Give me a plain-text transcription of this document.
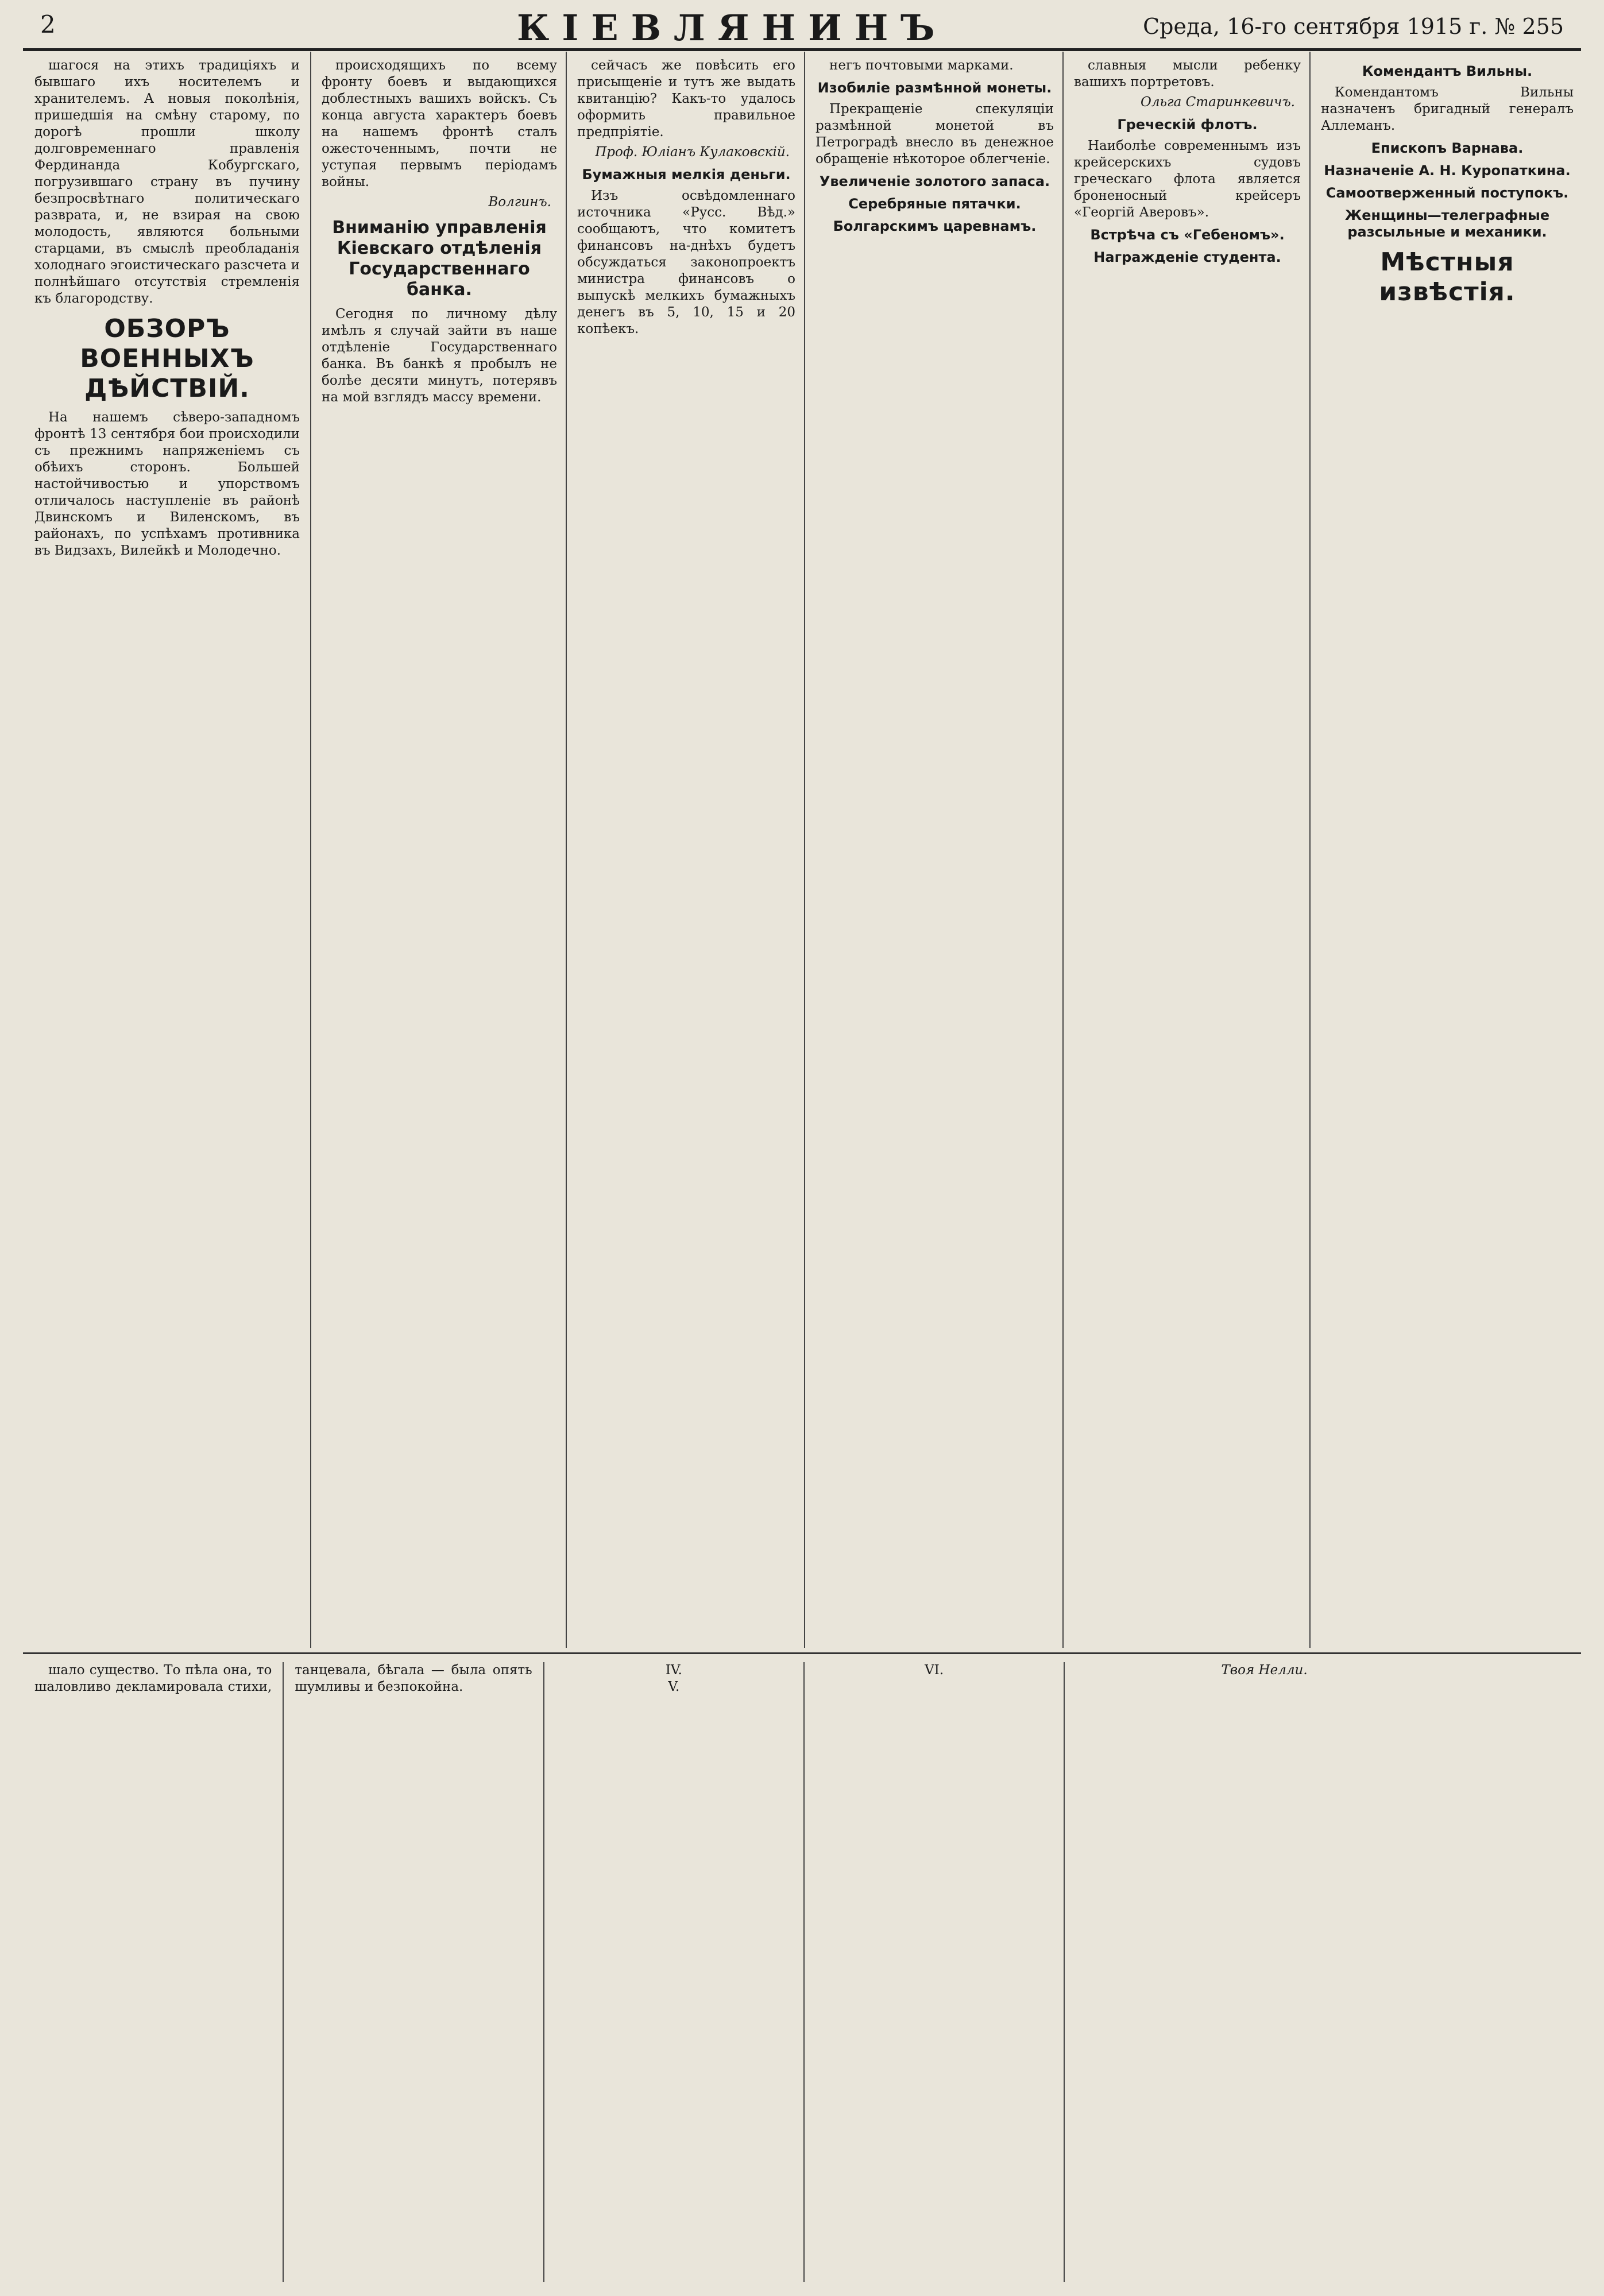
2	КІЕВЛЯНИНЪ	Среда, 16-го сентября 1915 г. № 255

шагося на этихъ традиціяхъ и бывшаго ихъ носителемъ и хранителемъ. А новыя поколѣнія, пришедшія на смѣну старому, по дорогѣ прошли школу долговременнаго правленія Фердинанда Кобургскаго, погрузившаго страну въ пучину безпросвѣтнаго политическаго разврата, и, не взирая на свою молодость, являются больными старцами, въ смыслѣ преобладанія холоднаго эгоистическаго разсчета и полнѣйшаго отсутствія стремленія къ благородству.

ОБЗОРЪ ВОЕННЫХЪ ДѢЙСТВІЙ.

На нашемъ сѣверо-западномъ фронтѣ 13 сентября бои происходили съ прежнимъ напряженіемъ съ обѣихъ сторонъ. Большей настойчивостью и упорствомъ отличалось наступленіе въ районѣ Двинскомъ и Виленскомъ, въ районахъ, по успѣхамъ противника въ Видзахъ, Вилейкѣ и Молодечно.

происходящихъ по всему фронту боевъ и выдающихся доблестныхъ вашихъ войскъ. Съ конца августа характеръ боевъ на нашемъ фронтѣ сталъ ожесточеннымъ, почти не уступая первымъ періодамъ войны.

Волгинъ.
Вниманію управленія Кіевскаго отдѣленія Государственнаго банка.

Сегодня по личному дѣлу имѣлъ я случай зайти въ наше отдѣленіе Государственнаго банка. Въ банкѣ я пробылъ не болѣе десяти минутъ, потерявъ на мой взглядъ массу времени.

сейчасъ же повѣсить его присыщеніе и тутъ же выдать квитанцію? Какъ-то удалось оформить правильное предпріятіе.

Проф. Юліанъ Кулаковскій.
Бумажныя мелкія деньги.

Изъ освѣдомленнаго источника «Русс. Вѣд.» сообщаютъ, что комитетъ финансовъ на-днѣхъ будетъ обсуждаться законопроектъ министра финансовъ о выпускѣ мелкихъ бумажныхъ денегъ въ 5, 10, 15 и 20 копѣекъ.

негъ почтовыми марками.

Изобиліе размѣнной монеты.

Прекращеніе спекуляціи размѣнной монетой въ Петроградѣ внесло въ денежное обращеніе нѣкоторое облегченіе.

Увеличеніе золотого запаса.
Серебряные пятачки.
Болгарскимъ царевнамъ.

славныя мысли ребенку вашихъ портретовъ.

Ольга Старинкевичъ.
Греческій флотъ.

Наиболѣе современнымъ изъ крейсерскихъ судовъ греческаго флота является броненосный крейсеръ «Георгій Аверовъ».

Встрѣча съ «Гебеномъ».
Награжденіе студента.
Комендантъ Вильны.

Комендантомъ Вильны назначенъ бригадный генералъ Аллеманъ.

Епископъ Варнава.
Назначеніе А. Н. Куропаткина.
Самоотверженный поступокъ.
Женщины—телеграфные разсыльные и механики.
Мѣстныя извѣстія.

шало существо. То пѣла она, то шаловливо декламировала стихи, танцевала, бѣгала — была опять шумливы и безпокойна.

IV.
V.
VI.	Твоя Нелли.
